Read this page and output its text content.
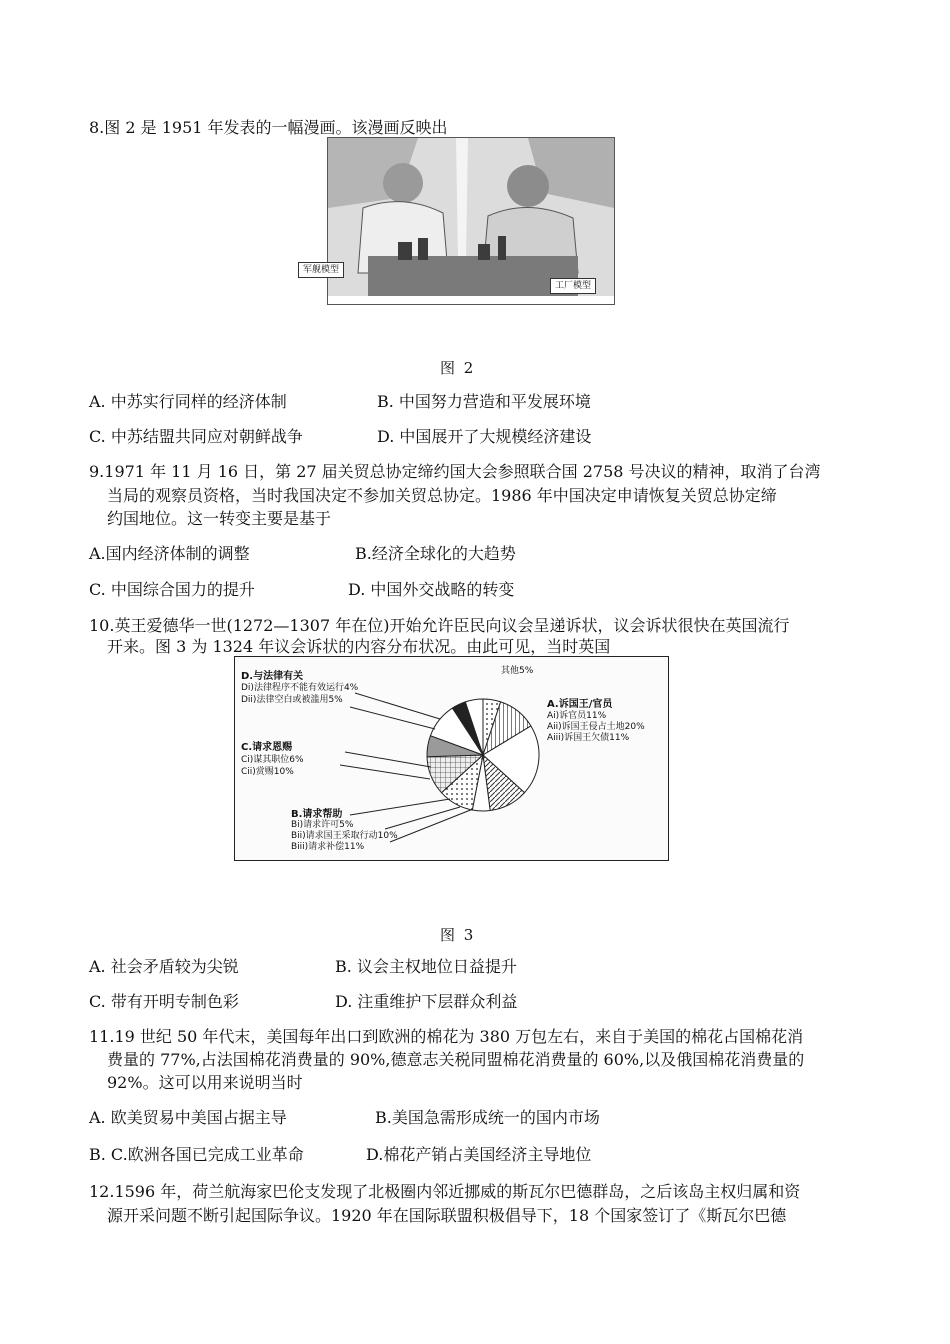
8.图 2 是 1951 年发表的一幅漫画。该漫画反映出
军舰模型
工厂模型
图 2
A. 中苏实行同样的经济体制	B. 中国努力营造和平发展环境
C. 中苏结盟共同应对朝鲜战争	D. 中国展开了大规模经济建设
9.1971 年 11 月 16 日，第 27 届关贸总协定缔约国大会参照联合国 2758 号决议的精神，取消了台湾
当局的观察员资格，当时我国决定不参加关贸总协定。1986 年中国决定申请恢复关贸总协定缔
约国地位。这一转变主要是基于
A.国内经济体制的调整	B.经济全球化的大趋势
C. 中国综合国力的提升	D. 中国外交战略的转变
10.英王爱德华一世(1272—1307 年在位)开始允许臣民向议会呈递诉状，议会诉状很快在英国流行
开来。图 3 为 1324 年议会诉状的内容分布状况。由此可见，当时英国
D.与法律有关
Di)法律程序不能有效运行4%
Dii)法律空白或被滥用5%
C.请求恩赐
Ci)谋其职位6%
Cii)赏赐10%
B.请求帮助
Bi)请求许可5%
Bii)请求国王采取行动10%
Biii)请求补偿11%
其他5%
A.诉国王/官员
Ai)诉官员11%
Aii)诉国王侵占土地20%
Aiii)诉国王欠债11%
图 3
A. 社会矛盾较为尖锐	B. 议会主权地位日益提升
C. 带有开明专制色彩	D. 注重维护下层群众利益
11.19 世纪 50 年代末，美国每年出口到欧洲的棉花为 380 万包左右，来自于美国的棉花占国棉花消
费量的 77%,占法国棉花消费量的 90%,德意志关税同盟棉花消费量的 60%,以及俄国棉花消费量的
92%。这可以用来说明当时
A. 欧美贸易中美国占据主导	B.美国急需形成统一的国内市场
B. C.欧洲各国已完成工业革命	D.棉花产销占美国经济主导地位
12.1596 年，荷兰航海家巴伦支发现了北极圈内邻近挪威的斯瓦尔巴德群岛，之后该岛主权归属和资
源开采问题不断引起国际争议。1920 年在国际联盟积极倡导下，18 个国家签订了《斯瓦尔巴德
